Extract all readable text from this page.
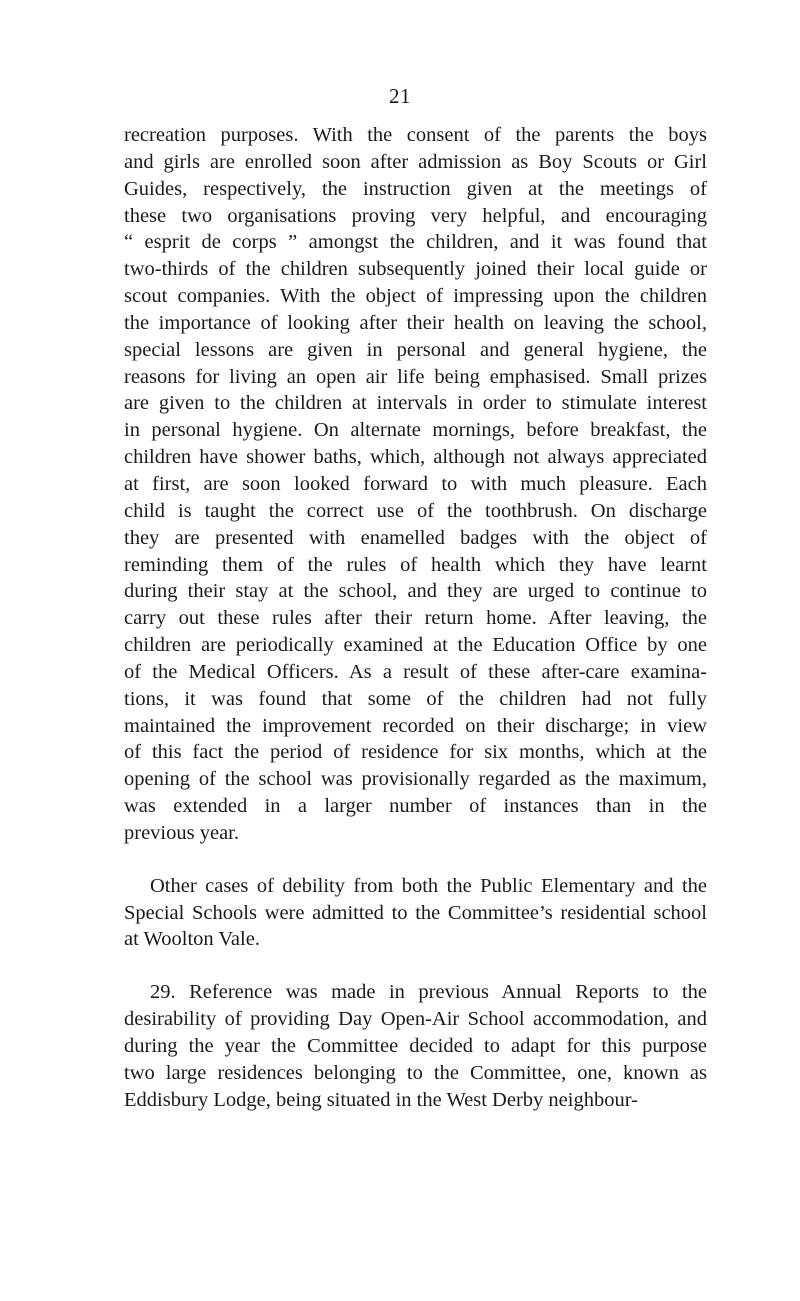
21

recreation purposes. With the consent of the parents the boys
and girls are enrolled soon after admission as Boy Scouts or Girl
Guides, respectively, the instruction given at the meetings of
these two organisations proving very helpful, and encouraging
“ esprit de corps ” amongst the children, and it was found that
two-thirds of the children subsequently joined their local guide or
scout companies. With the object of impressing upon the children
the importance of looking after their health on leaving the school,
special lessons are given in personal and general hygiene, the
reasons for living an open air life being emphasised. Small prizes
are given to the children at intervals in order to stimulate interest
in personal hygiene. On alternate mornings, before breakfast, the
children have shower baths, which, although not always appreciated
at first, are soon looked forward to with much pleasure. Each
child is taught the correct use of the toothbrush. On discharge
they are presented with enamelled badges with the object of
reminding them of the rules of health which they have learnt
during their stay at the school, and they are urged to continue to
carry out these rules after their return home. After leaving, the
children are periodically examined at the Education Office by one
of the Medical Officers. As a result of these after-care examina-
tions, it was found that some of the children had not fully
maintained the improvement recorded on their discharge; in view
of this fact the period of residence for six months, which at the
opening of the school was provisionally regarded as the maximum,
was extended in a larger number of instances than in the
previous year.

Other cases of debility from both the Public Elementary and the
Special Schools were admitted to the Committee’s residential school
at Woolton Vale.

29. Reference was made in previous Annual Reports to the
desirability of providing Day Open-Air School accommodation, and
during the year the Committee decided to adapt for this purpose
two large residences belonging to the Committee, one, known as
Eddisbury Lodge, being situated in the West Derby neighbour-
